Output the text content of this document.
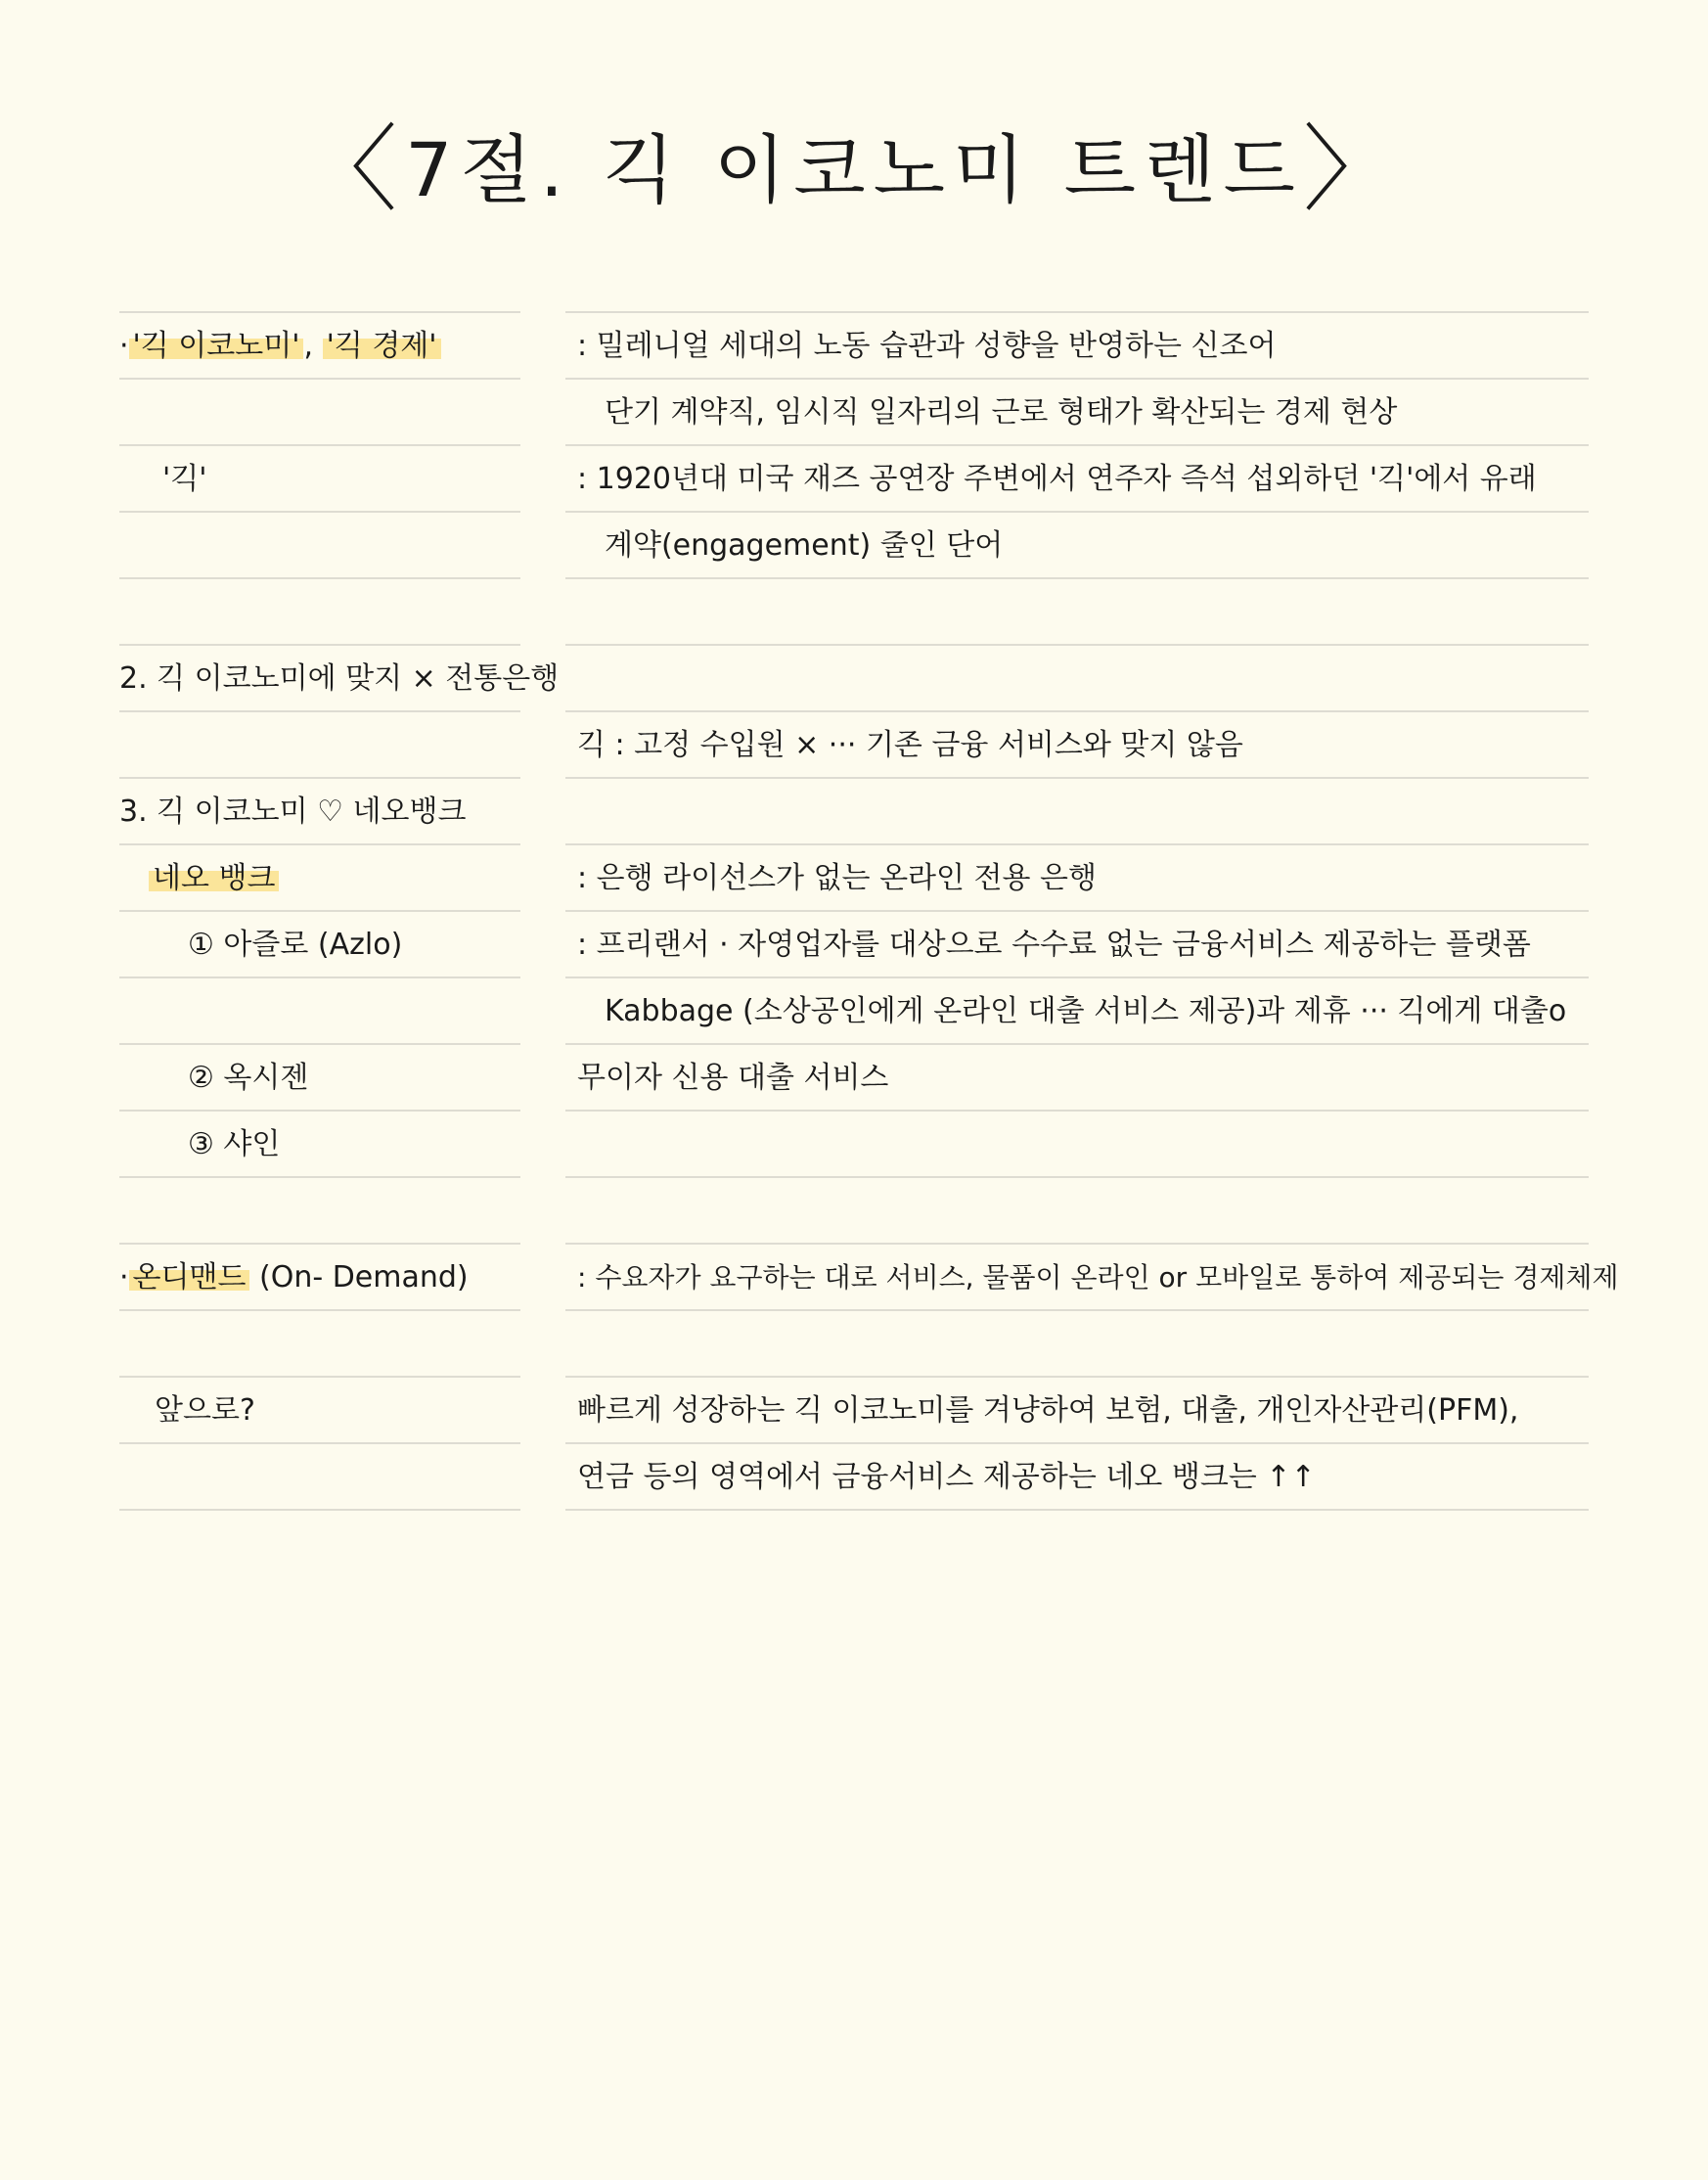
〈7절. 긱 이코노미 트렌드〉
· '긱 이코노미' , '긱 경제'	: 밀레니얼 세대의 노동 습관과 성향을 반영하는 신조어
단기 계약직, 임시직 일자리의 근로 형태가 확산되는 경제 현상
'긱'	: 1920년대 미국 재즈 공연장 주변에서 연주자 즉석 섭외하던 '긱'에서 유래
계약(engagement) 줄인 단어
2. 긱 이코노미에 맞지 × 전통은행
긱 : 고정 수입원 × ··· 기존 금융 서비스와 맞지 않음
3. 긱 이코노미 ♡ 네오뱅크
네오 뱅크	: 은행 라이선스가 없는 온라인 전용 은행
① 아즐로 (Azlo)	: 프리랜서 · 자영업자를 대상으로 수수료 없는 금융서비스 제공하는 플랫폼
Kabbage (소상공인에게 온라인 대출 서비스 제공)과 제휴 ··· 긱에게 대출o
② 옥시젠	무이자 신용 대출 서비스
③ 샤인
· 온디맨드 (On- Demand)	: 수요자가 요구하는 대로 서비스, 물품이 온라인 or 모바일로 통하여 제공되는 경제체제
앞으로?	빠르게 성장하는 긱 이코노미를 겨냥하여 보험, 대출, 개인자산관리(PFM),
연금 등의 영역에서 금융서비스 제공하는 네오 뱅크는 ↑↑
